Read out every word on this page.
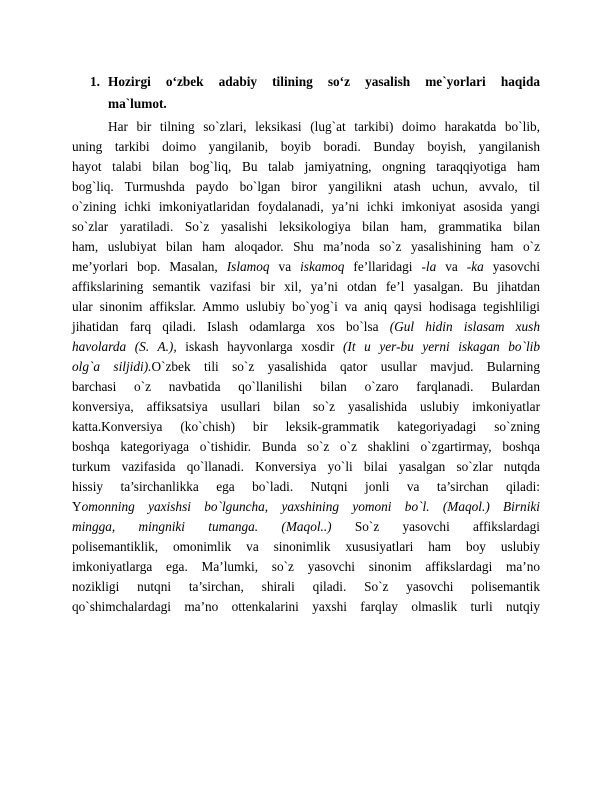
1. Hozirgi o‘zbek adabiy tilining so‘z yasalish me`yorlari haqida
ma`lumot.
Har bir tilning so`zlari, leksikasi (lug`at tarkibi) doimo harakatda bo`lib,
uning tarkibi doimo yangilanib, boyib boradi. Bunday boyish, yangilanish
hayot talabi bilan bog`liq, Bu talab jamiyatning, ongning taraqqiyotiga ham
bog`liq. Turmushda paydo bo`lgan biror yangilikni atash uchun, avvalo, til
o`zining ichki imkoniyatlaridan foydalanadi, ya’ni ichki imkoniyat asosida yangi
so`zlar yaratiladi. So`z yasalishi leksikologiya bilan ham, grammatika bilan
ham, uslubiyat bilan ham aloqador. Shu ma’noda so`z yasalishining ham o`z
me’yorlari bop. Masalan, Islamoq va iskamoq fe’llaridagi -la va -ka yasovchi
affikslarining semantik vazifasi bir xil, ya’ni otdan fe’l yasalgan. Bu jihatdan
ular sinonim affikslar. Ammo uslubiy bo`yog`i va aniq qaysi hodisaga tegishliligi
jihatidan farq qiladi. Islash odamlarga xos bo`lsa (Gul hidin islasam xush
havolarda (S. A.), iskash hayvonlarga xosdir (It u yer-bu yerni iskagan bo`lib
olg`a siljidi).O`zbek tili so`z yasalishida qator usullar mavjud. Bularning
barchasi o`z navbatida qo`llanilishi bilan o`zaro farqlanadi. Bulardan
konversiya, affiksatsiya usullari bilan so`z yasalishida uslubiy imkoniyatlar
katta.Konversiya (ko`chish) bir leksik-grammatik kategoriyadagi so`zning
boshqa kategoriyaga o`tishidir. Bunda so`z o`z shaklini o`zgartirmay, boshqa
turkum vazifasida qo`llanadi. Konversiya yo`li bilai yasalgan so`zlar nutqda
hissiy ta’sirchanlikka ega bo`ladi. Nutqni jonli va ta’sirchan qiladi:
Yomonning yaxishsi bo`lguncha, yaxshining yomoni bo`l. (Maqol.) Birniki
mingga, mingniki tumanga. (Maqol..) So`z yasovchi affikslardagi
polisemantiklik, omonimlik va sinonimlik xususiyatlari ham boy uslubiy
imkoniyatlarga ega. Ma’lumki, so`z yasovchi sinonim affikslardagi ma’no
nozikligi nutqni ta’sirchan, shirali qiladi. So`z yasovchi polisemantik
qo`shimchalardagi ma’no ottenkalarini yaxshi farqlay olmaslik turli nutqiy
